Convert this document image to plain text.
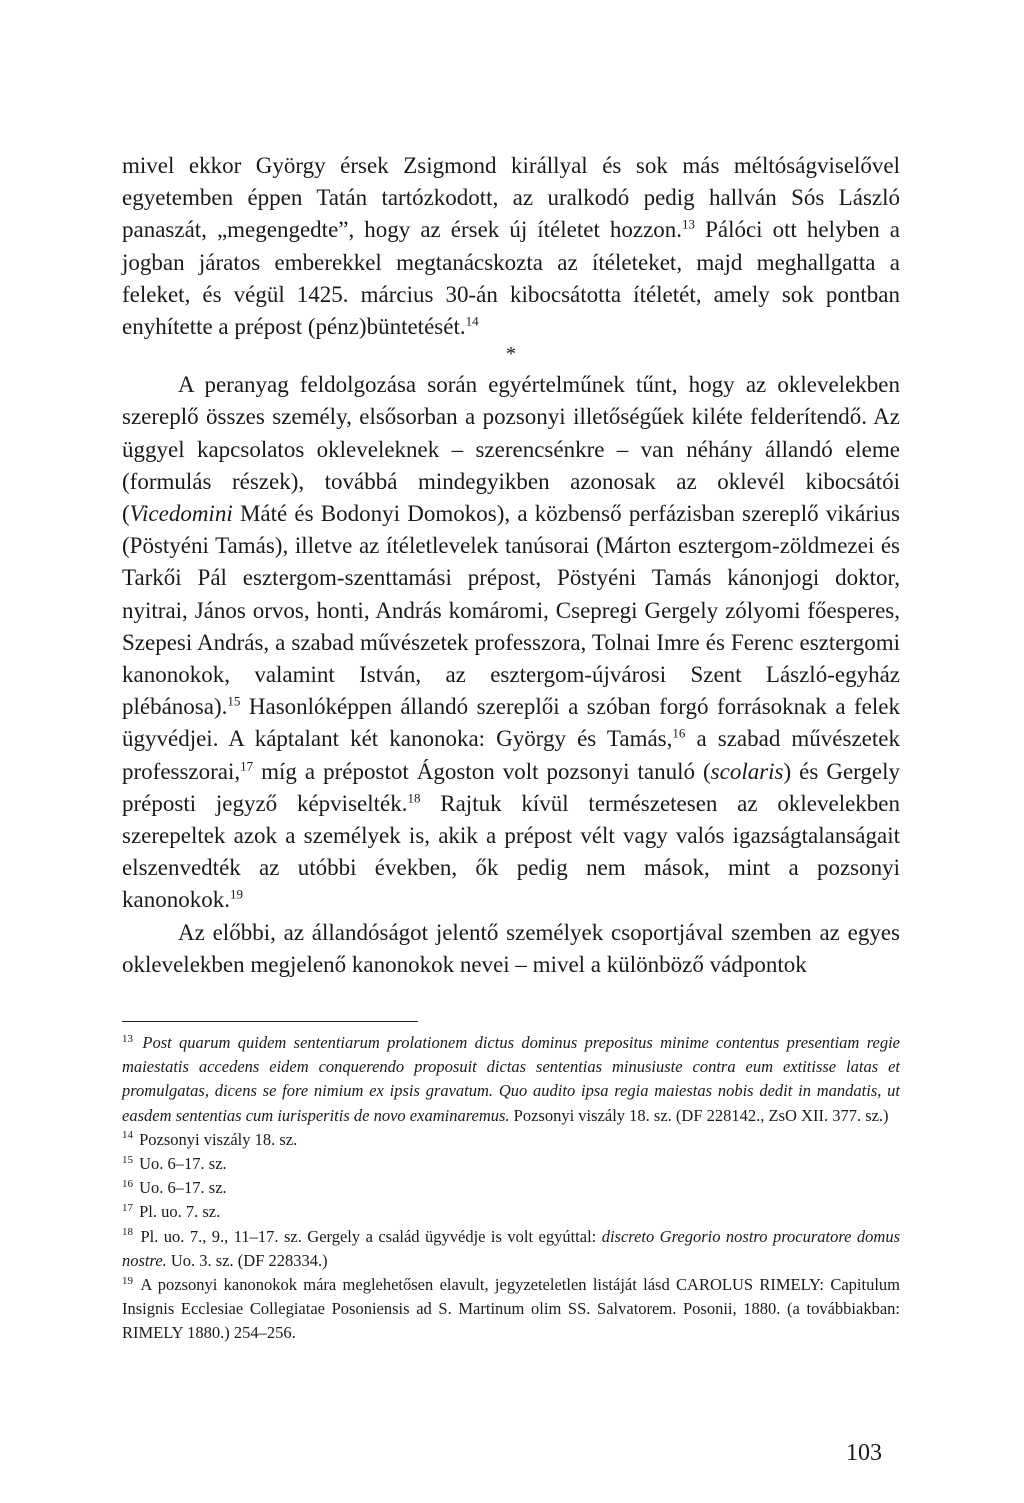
mivel ekkor György érsek Zsigmond királlyal és sok más méltóságviselővel egyetemben éppen Tatán tartózkodott, az uralkodó pedig hallván Sós László panaszát, „megengedte”, hogy az érsek új ítéletet hozzon.$^{13}$ Pálóci ott helyben a jogban járatos emberekkel megtanácskozta az ítéleteket, majd meghallgatta a feleket, és végül 1425. március 30-án kibocsátotta ítéletét, amely sok pontban enyhítette a prépost (pénz)büntetését.$^{14}$

*

A peranyag feldolgozása során egyértelműnek tűnt, hogy az oklevelekben szereplő összes személy, elsősorban a pozsonyi illetőségűek kiléte felderítendő. Az üggyel kapcsolatos okleveleknek – szerencsénkre – van néhány állandó eleme (formulás részek), továbbá mindegyikben azonosak az oklevél kibocsátói (Vicedomini Máté és Bodonyi Domokos), a közbenső perfázisban szereplő vikárius (Pöstyéni Tamás), illetve az ítéletlevelek tanúsorai (Márton esztergom-zöldmezei és Tarkői Pál esztergom-szenttamási prépost, Pöstyéni Tamás kánonjogi doktor, nyitrai, János orvos, honti, András komáromi, Csepregi Gergely zólyomi főesperes, Szepesi András, a szabad művészetek professzora, Tolnai Imre és Ferenc esztergomi kanonokok, valamint István, az esztergom-újvárosi Szent László-egyház plébánosa).$^{15}$ Hasonlóképpen állandó szereplői a szóban forgó forrásoknak a felek ügyvédjei. A káptalant két kanonoka: György és Tamás,$^{16}$ a szabad művészetek professzorai,$^{17}$ míg a prépostot Ágoston volt pozsonyi tanuló (scolaris) és Gergely préposti jegyző képviselték.$^{18}$ Rajtuk kívül természetesen az oklevelekben szerepeltek azok a személyek is, akik a prépost vélt vagy valós igazságtalanságait elszenvedték az utóbbi években, ők pedig nem mások, mint a pozsonyi kanonokok.$^{19}$

Az előbbi, az állandóságot jelentő személyek csoportjával szemben az egyes oklevelekben megjelenő kanonokok nevei – mivel a különböző vádpontok

$^{13}$ Post quarum quidem sententiarum prolationem dictus dominus prepositus minime contentus presentiam regie maiestatis accedens eidem conquerendo proposuit dictas sententias minusiuste contra eum extitisse latas et promulgatas, dicens se fore nimium ex ipsis gravatum. Quo audito ipsa regia maiestas nobis dedit in mandatis, ut easdem sententias cum iurisperitis de novo examinaremus. Pozsonyi viszály 18. sz. (DF 228142., ZsO XII. 377. sz.)

$^{14}$ Pozsonyi viszály 18. sz.

$^{15}$ Uo. 6–17. sz.

$^{16}$ Uo. 6–17. sz.

$^{17}$ Pl. uo. 7. sz.

$^{18}$ Pl. uo. 7., 9., 11–17. sz. Gergely a család ügyvédje is volt egyúttal: discreto Gregorio nostro procuratore domus nostre. Uo. 3. sz. (DF 228334.)

$^{19}$ A pozsonyi kanonokok mára meglehetősen elavult, jegyzeteletlen listáját lásd CAROLUS RIMELY: Capitulum Insignis Ecclesiae Collegiatae Posoniensis ad S. Martinum olim SS. Salvatorem. Posonii, 1880. (a továbbiakban: RIMELY 1880.) 254–256.

103
